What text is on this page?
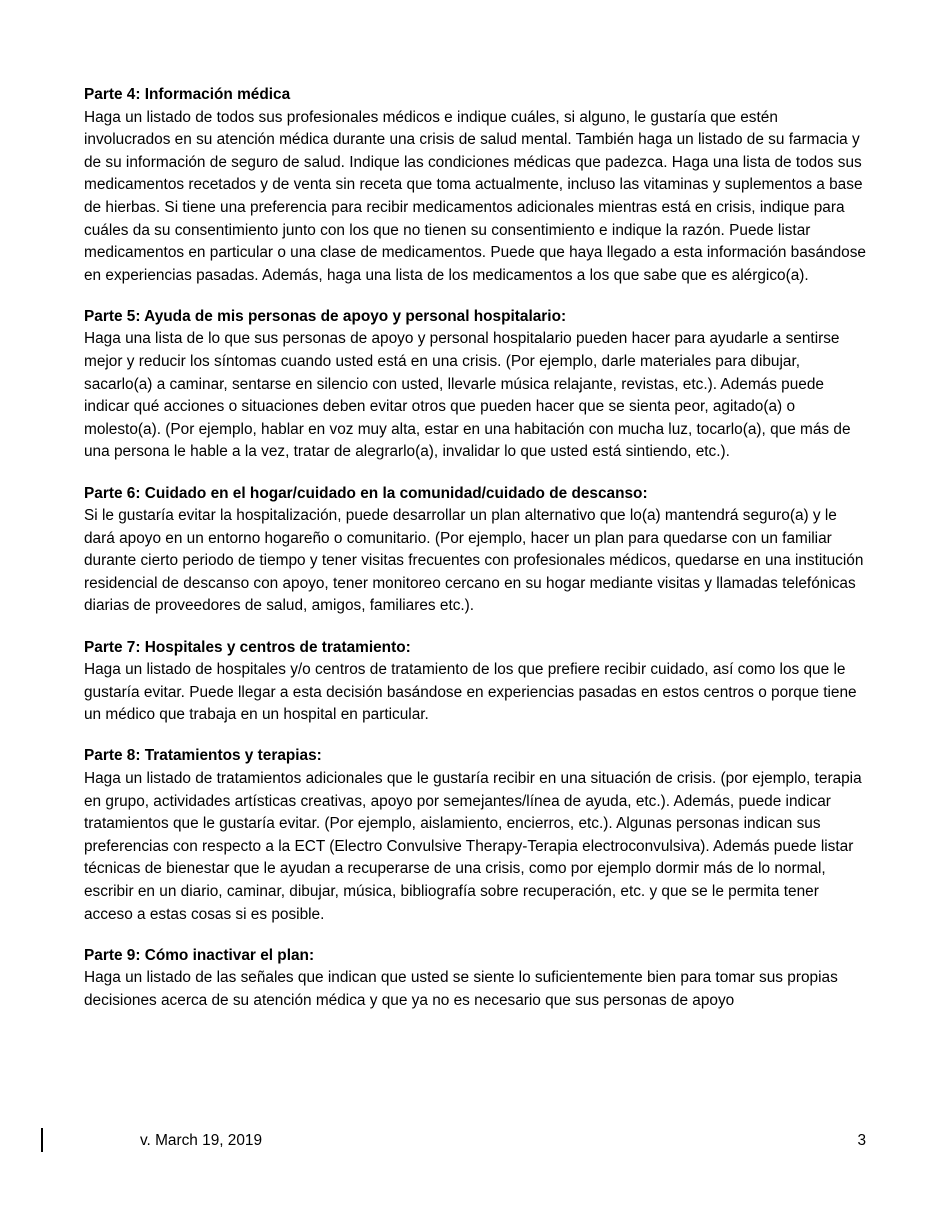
Parte 4: Información médica

Haga un listado de todos sus profesionales médicos e indique cuáles, si alguno, le gustaría que estén involucrados en su atención médica durante una crisis de salud mental. También haga un listado de su farmacia y de su información de seguro de salud. Indique las condiciones médicas que padezca. Haga una lista de todos sus medicamentos recetados y de venta sin receta que toma actualmente, incluso las vitaminas y suplementos a base de hierbas. Si tiene una preferencia para recibir medicamentos adicionales mientras está en crisis, indique para cuáles da su consentimiento junto con los que no tienen su consentimiento e indique la razón. Puede listar medicamentos en particular o una clase de medicamentos. Puede que haya llegado a esta información basándose en experiencias pasadas. Además, haga una lista de los medicamentos a los que sabe que es alérgico(a).

Parte 5: Ayuda de mis personas de apoyo y personal hospitalario:

Haga una lista de lo que sus personas de apoyo y personal hospitalario pueden hacer para ayudarle a sentirse mejor y reducir los síntomas cuando usted está en una crisis. (Por ejemplo, darle materiales para dibujar, sacarlo(a) a caminar, sentarse en silencio con usted, llevarle música relajante, revistas, etc.). Además puede indicar qué acciones o situaciones deben evitar otros que pueden hacer que se sienta peor, agitado(a) o molesto(a). (Por ejemplo, hablar en voz muy alta, estar en una habitación con mucha luz, tocarlo(a), que más de una persona le hable a la vez, tratar de alegrarlo(a), invalidar lo que usted está sintiendo, etc.).

Parte 6: Cuidado en el hogar/cuidado en la comunidad/cuidado de descanso:

Si le gustaría evitar la hospitalización, puede desarrollar un plan alternativo que lo(a) mantendrá seguro(a) y le dará apoyo en un entorno hogareño o comunitario. (Por ejemplo, hacer un plan para quedarse con un familiar durante cierto periodo de tiempo y tener visitas frecuentes con profesionales médicos, quedarse en una institución residencial de descanso con apoyo, tener monitoreo cercano en su hogar mediante visitas y llamadas telefónicas diarias de proveedores de salud, amigos, familiares etc.).

Parte 7: Hospitales y centros de tratamiento:

Haga un listado de hospitales y/o centros de tratamiento de los que prefiere recibir cuidado, así como los que le gustaría evitar. Puede llegar a esta decisión basándose en experiencias pasadas en estos centros o porque tiene un médico que trabaja en un hospital en particular.

Parte 8: Tratamientos y terapias:

Haga un listado de tratamientos adicionales que le gustaría recibir en una situación de crisis. (por ejemplo, terapia en grupo, actividades artísticas creativas, apoyo por semejantes/línea de ayuda, etc.). Además, puede indicar tratamientos que le gustaría evitar. (Por ejemplo, aislamiento, encierros, etc.). Algunas personas indican sus preferencias con respecto a la ECT (Electro Convulsive Therapy-Terapia electroconvulsiva). Además puede listar técnicas de bienestar que le ayudan a recuperarse de una crisis, como por ejemplo dormir más de lo normal, escribir en un diario, caminar, dibujar, música, bibliografía sobre recuperación, etc. y que se le permita tener acceso a estas cosas si es posible.

Parte 9: Cómo inactivar el plan:

Haga un listado de las señales que indican que usted se siente lo suficientemente bien para tomar sus propias decisiones acerca de su atención médica y que ya no es necesario que sus personas de apoyo

v. March 19, 2019	3
